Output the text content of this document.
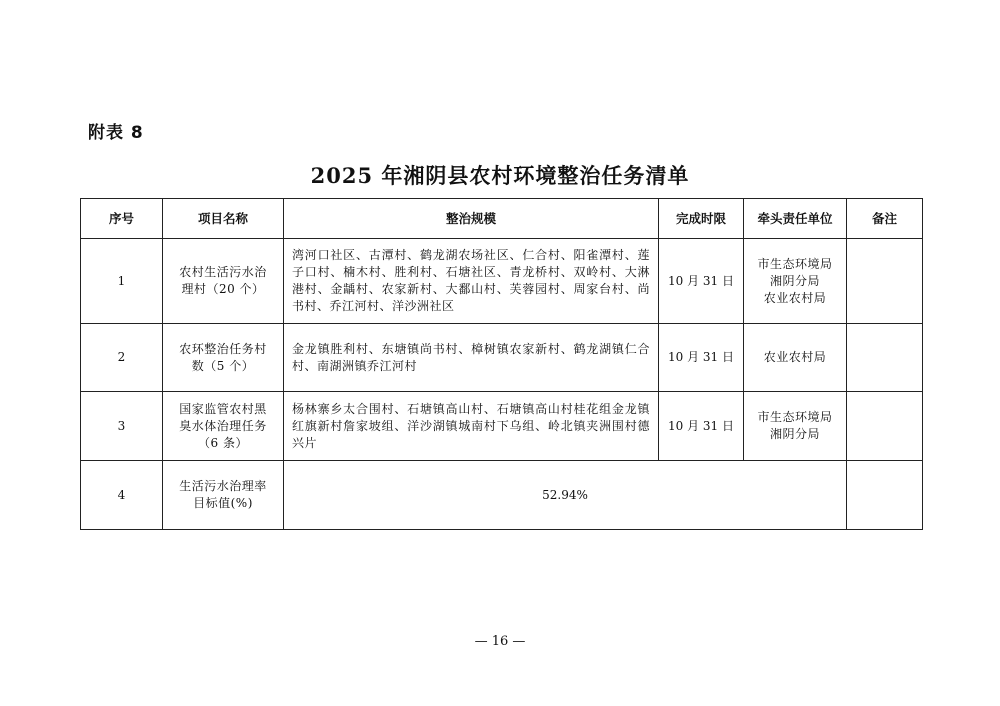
附表 8
2025 年湘阴县农村环境整治任务清单
序号	项目名称	整治规模	完成时限	牵头责任单位	备注
1	农村生活污水治理村（20 个）	湾河口社区、古潭村、鹤龙湖农场社区、仁合村、阳雀潭村、莲子口村、楠木村、胜利村、石塘社区、青龙桥村、双岭村、大淋港村、金龋村、农家新村、大鄱山村、芙蓉园村、周家台村、尚书村、乔江河村、洋沙洲社区	10 月 31 日	市生态环境局
湘阴分局
农业农村局	
2	农环整治任务村数（5 个）	金龙镇胜利村、东塘镇尚书村、樟树镇农家新村、鹤龙湖镇仁合村、南湖洲镇乔江河村	10 月 31 日	农业农村局	
3	国家监管农村黑臭水体治理任务（6 条）	杨林寨乡太合围村、石塘镇高山村、石塘镇高山村桂花组金龙镇红旗新村詹家坡组、洋沙湖镇城南村下乌组、岭北镇夹洲围村德兴片	10 月 31 日	市生态环境局
湘阴分局	
4	生活污水治理率目标值(%)	52.94%			
— 16 —
